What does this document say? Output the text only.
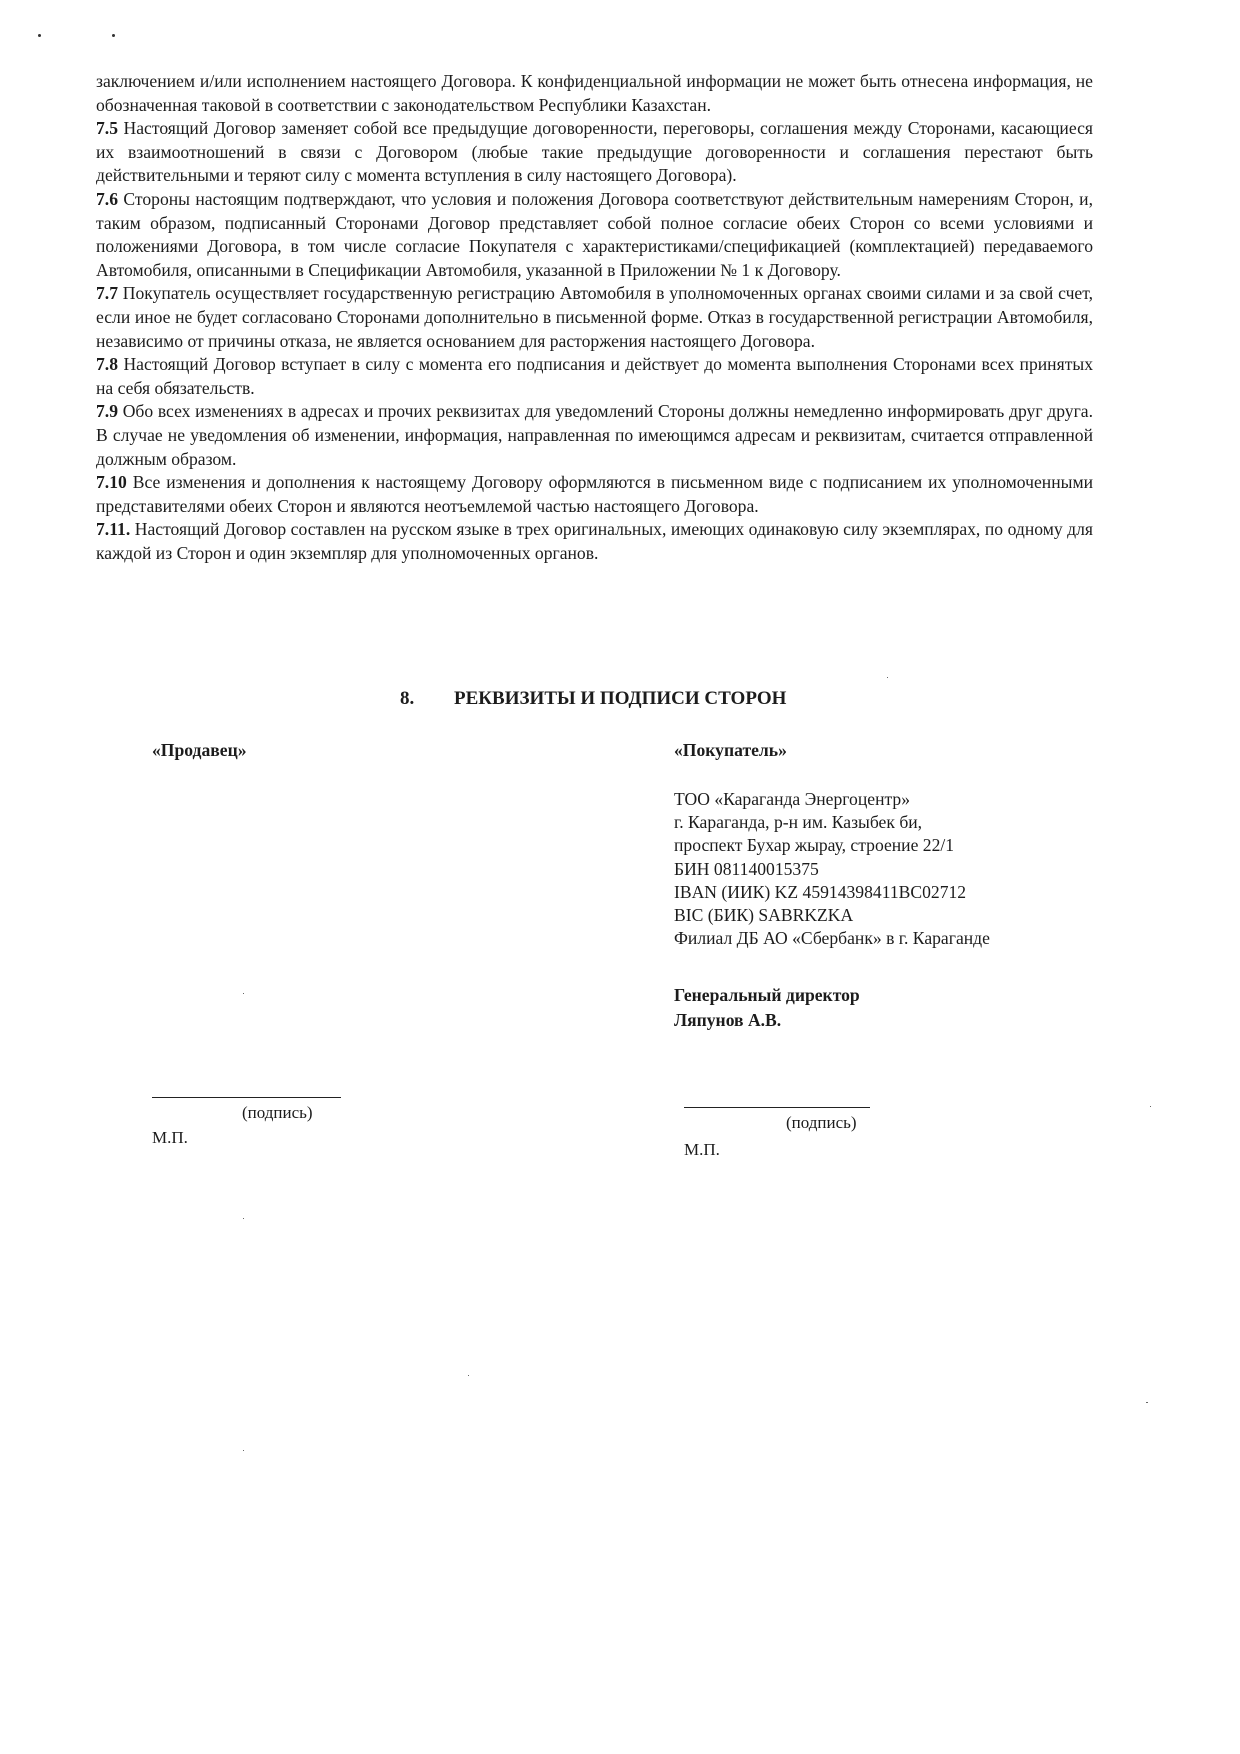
заключением и/или исполнением настоящего Договора. К конфиденциальной информации не может быть отнесена информация, не обозначенная таковой в соответствии с законодательством Республики Казахстан.

7.5 Настоящий Договор заменяет собой все предыдущие договоренности, переговоры, соглашения между Сторонами, касающиеся их взаимоотношений в связи с Договором (любые такие предыдущие договоренности и соглашения перестают быть действительными и теряют силу с момента вступления в силу настоящего Договора).

7.6 Стороны настоящим подтверждают, что условия и положения Договора соответствуют действительным намерениям Сторон, и, таким образом, подписанный Сторонами Договор представляет собой полное согласие обеих Сторон со всеми условиями и положениями Договора, в том числе согласие Покупателя с характеристиками/спецификацией (комплектацией) передаваемого Автомобиля, описанными в Спецификации Автомобиля, указанной в Приложении № 1 к Договору.

7.7 Покупатель осуществляет государственную регистрацию Автомобиля в уполномоченных органах своими силами и за свой счет, если иное не будет согласовано Сторонами дополнительно в письменной форме. Отказ в государственной регистрации Автомобиля, независимо от причины отказа, не является основанием для расторжения настоящего Договора.

7.8 Настоящий Договор вступает в силу с момента его подписания и действует до момента выполнения Сторонами всех принятых на себя обязательств.

7.9 Обо всех изменениях в адресах и прочих реквизитах для уведомлений Стороны должны немедленно информировать друг друга. В случае не уведомления об изменении, информация, направленная по имеющимся адресам и реквизитам, считается отправленной должным образом.

7.10 Все изменения и дополнения к настоящему Договору оформляются в письменном виде с подписанием их уполномоченными представителями обеих Сторон и являются неотъемлемой частью настоящего Договора.

7.11. Настоящий Договор составлен на русском языке в трех оригинальных, имеющих одинаковую силу экземплярах, по одному для каждой из Сторон и один экземпляр для уполномоченных органов.

8. РЕКВИЗИТЫ И ПОДПИСИ СТОРОН
«Продавец»	«Покупатель»
ТОО «Караганда Энергоцентр»
г. Караганда, р-н им. Казыбек би,
проспект Бухар жырау, строение 22/1
БИН 081140015375
IBAN (ИИК) KZ 45914398411BC02712
BIC (БИК) SABRKZKA
Филиал ДБ АО «Сбербанк» в г. Караганде
Генеральный директор
Ляпунов А.В.
(подпись)
М.П.
(подпись)
М.П.
